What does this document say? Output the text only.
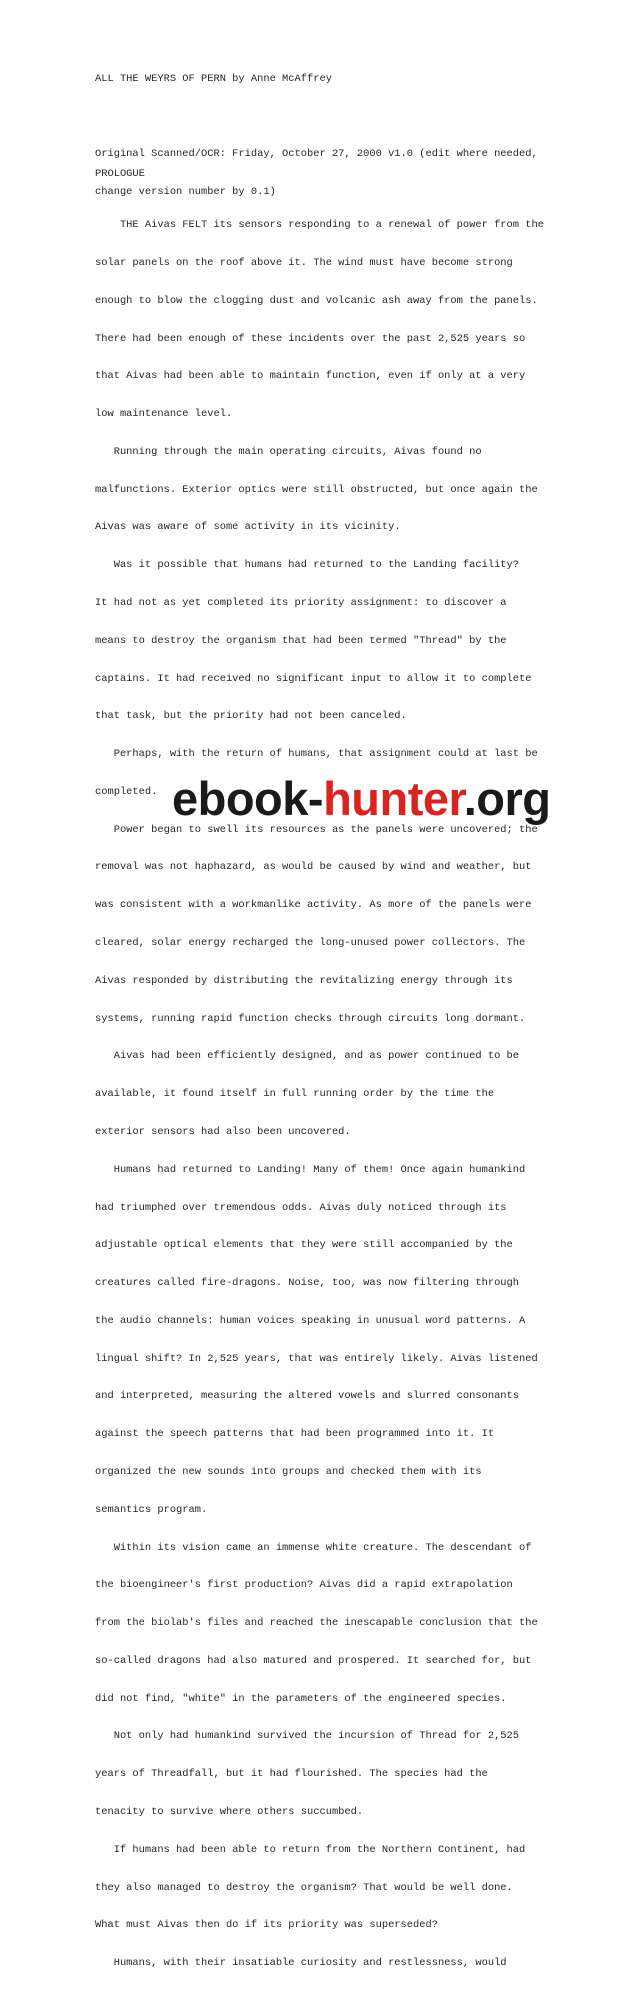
ALL THE WEYRS OF PERN by Anne McAffrey

Original Scanned/OCR: Friday, October 27, 2000 v1.0 (edit where needed,

change version number by 0.1)

PROLOGUE

THE Aivas FELT its sensors responding to a renewal of power from the

solar panels on the roof above it. The wind must have become strong

enough to blow the clogging dust and volcanic ash away from the panels.

There had been enough of these incidents over the past 2,525 years so

that Aivas had been able to maintain function, even if only at a very

low maintenance level.

Running through the main operating circuits, Aivas found no

malfunctions. Exterior optics were still obstructed, but once again the

Aivas was aware of some activity in its vicinity.

Was it possible that humans had returned to the Landing facility?

It had not as yet completed its priority assignment: to discover a

means to destroy the organism that had been termed "Thread" by the

captains. It had received no significant input to allow it to complete

that task, but the priority had not been canceled.

Perhaps, with the return of humans, that assignment could at last be

completed.

Power began to swell its resources as the panels were uncovered; the

removal was not haphazard, as would be caused by wind and weather, but

was consistent with a workmanlike activity. As more of the panels were

cleared, solar energy recharged the long-unused power collectors. The

Aivas responded by distributing the revitalizing energy through its

systems, running rapid function checks through circuits long dormant.

Aivas had been efficiently designed, and as power continued to be

available, it found itself in full running order by the time the

exterior sensors had also been uncovered.

Humans had returned to Landing! Many of them! Once again humankind

had triumphed over tremendous odds. Aivas duly noticed through its

adjustable optical elements that they were still accompanied by the

creatures called fire-dragons. Noise, too, was now filtering through

the audio channels: human voices speaking in unusual word patterns. A

lingual shift? In 2,525 years, that was entirely likely. Aivas listened

and interpreted, measuring the altered vowels and slurred consonants

against the speech patterns that had been programmed into it. It

organized the new sounds into groups and checked them with its

semantics program.

Within its vision came an immense white creature. The descendant of

the bioengineer's first production? Aivas did a rapid extrapolation

from the biolab's files and reached the inescapable conclusion that the

so-called dragons had also matured and prospered. It searched for, but

did not find, "white" in the parameters of the engineered species.

Not only had humankind survived the incursion of Thread for 2,525

years of Threadfall, but it had flourished. The species had the

tenacity to survive where others succumbed.

If humans had been able to return from the Northern Continent, had

they also managed to destroy the organism? That would be well done.

What must Aivas then do if its priority was superseded?

Humans, with their insatiable curiosity and restlessness, would

ebook-hunter.org
